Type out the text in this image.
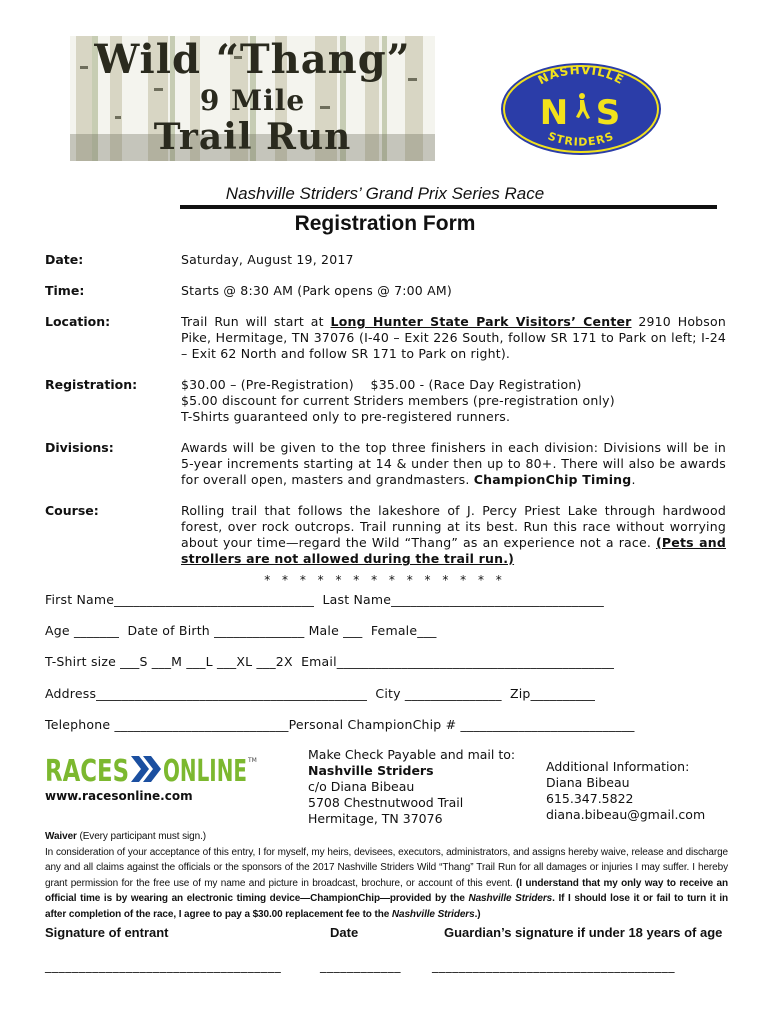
Wild “Thang”
9 Mile
Trail Run
NASHVILLE
STRIDERS
N S
Nashville Striders’ Grand Prix Series Race
Registration Form
Date:	Saturday, August 19, 2017
Time:	Starts @ 8:30 AM (Park opens @ 7:00 AM)
Location:	Trail Run will start at Long Hunter State Park Visitors’ Center 2910 Hobson Pike, Hermitage, TN 37076 (I-40 – Exit 226 South, follow SR 171 to Park on left; I-24 – Exit 62 North and follow SR 171 to Park on right).
Registration:	$30.00 – (Pre-Registration)    $35.00 - (Race Day Registration)
$5.00 discount for current Striders members (pre-registration only)
T-Shirts guaranteed only to pre-registered runners.
Divisions:	Awards will be given to the top three finishers in each division: Divisions will be in 5-year increments starting at 14 & under then up to 80+. There will also be awards for overall open, masters and grandmasters. ChampionChip Timing.
Course:	Rolling trail that follows the lakeshore of J. Percy Priest Lake through hardwood forest, over rock outcrops. Trail running at its best. Run this race without worrying about your time—regard the Wild “Thang” as an experience not a race. (Pets and strollers are not allowed during the trail run.)
* * * * * * * * * * * * * *
First Name_______________________________  Last Name_________________________________
Age _______  Date of Birth ______________ Male ___  Female___
T-Shirt size ___S ___M ___L ___XL ___2X  Email___________________________________________
Address__________________________________________  City _______________  Zip__________
Telephone ___________________________Personal ChampionChip # ___________________________
RACES ONLINE TM
www.racesonline.com
Make Check Payable and mail to:
Nashville Striders
c/o Diana Bibeau
5708 Chestnutwood Trail
Hermitage, TN 37076
Additional Information:
Diana Bibeau
615.347.5822
diana.bibeau@gmail.com
Waiver (Every participant must sign.)
In consideration of your acceptance of this entry, I for myself, my heirs, devisees, executors, administrators, and assigns hereby waive, release and discharge any and all claims against the officials or the sponsors of the 2017 Nashville Striders Wild “Thang” Trail Run for all damages or injuries I may suffer. I hereby grant permission for the free use of my name and picture in broadcast, brochure, or account of this event. (I understand that my only way to receive an official time is by wearing an electronic timing device—ChampionChip—provided by the Nashville Striders. If I should lose it or fail to turn it in after completion of the race, I agree to pay a $30.00 replacement fee to the Nashville Striders.)
Signature of entrant	Date	Guardian’s signature if under 18 years of age
___________________________________	____________ ____________________________________
